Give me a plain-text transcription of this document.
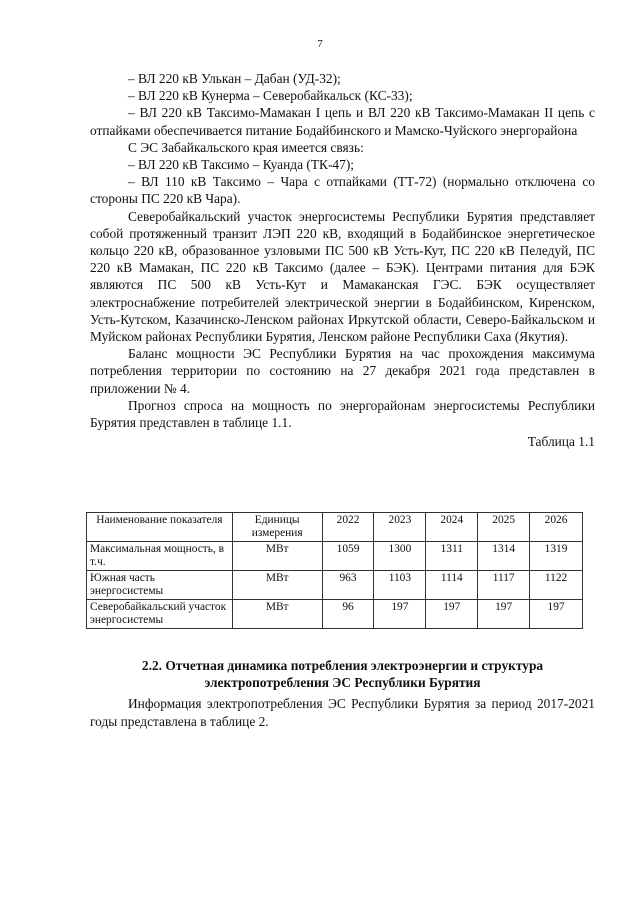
7

– ВЛ 220 кВ Улькан – Дабан (УД-32);

– ВЛ 220 кВ Кунерма – Северобайкальск (КС-33);

– ВЛ 220 кВ Таксимо-Мамакан I цепь и ВЛ 220 кВ Таксимо-Мамакан II цепь с отпайками обеспечивается питание Бодайбинского и Мамско-Чуйского энергорайона

С ЭС Забайкальского края имеется связь:

– ВЛ 220 кВ Таксимо – Куанда (ТК-47);

– ВЛ 110 кВ Таксимо – Чара с отпайками (ТТ-72) (нормально отключена со стороны ПС 220 кВ Чара).

Северобайкальский участок энергосистемы Республики Бурятия представляет собой протяженный транзит ЛЭП 220 кВ, входящий в Бодайбинское энергетическое кольцо 220 кВ, образованное узловыми ПС 500 кВ Усть-Кут, ПС 220 кВ Пеледуй, ПС 220 кВ Мамакан, ПС 220 кВ Таксимо (далее – БЭК). Центрами питания для БЭК являются ПС 500 кВ Усть-Кут и Мамаканская ГЭС. БЭК осуществляет электроснабжение потребителей электрической энергии в Бодайбинском, Киренском, Усть-Кутском, Казачинско-Ленском районах Иркутской области, Северо-Байкальском и Муйском районах Республики Бурятия, Ленском районе Республики Саха (Якутия).

Баланс мощности ЭС Республики Бурятия на час прохождения максимума потребления территории по состоянию на 27 декабря 2021 года представлен в приложении № 4.

Прогноз спроса на мощность по энергорайонам энергосистемы Республики Бурятия представлен в таблице 1.1.

Таблица 1.1

Наименование показателя	Единицы измерения	2022	2023	2024	2025	2026
Максимальная мощность, в т.ч.	МВт	1059	1300	1311	1314	1319
Южная часть энергосистемы	МВт	963	1103	1114	1117	1122
Северобайкальский участок энергосистемы	МВт	96	197	197	197	197
2.2. Отчетная динамика потребления электроэнергии и структура электропотребления ЭС Республики Бурятия

Информация электропотребления ЭС Республики Бурятия за период 2017-2021 годы представлена в таблице 2.
